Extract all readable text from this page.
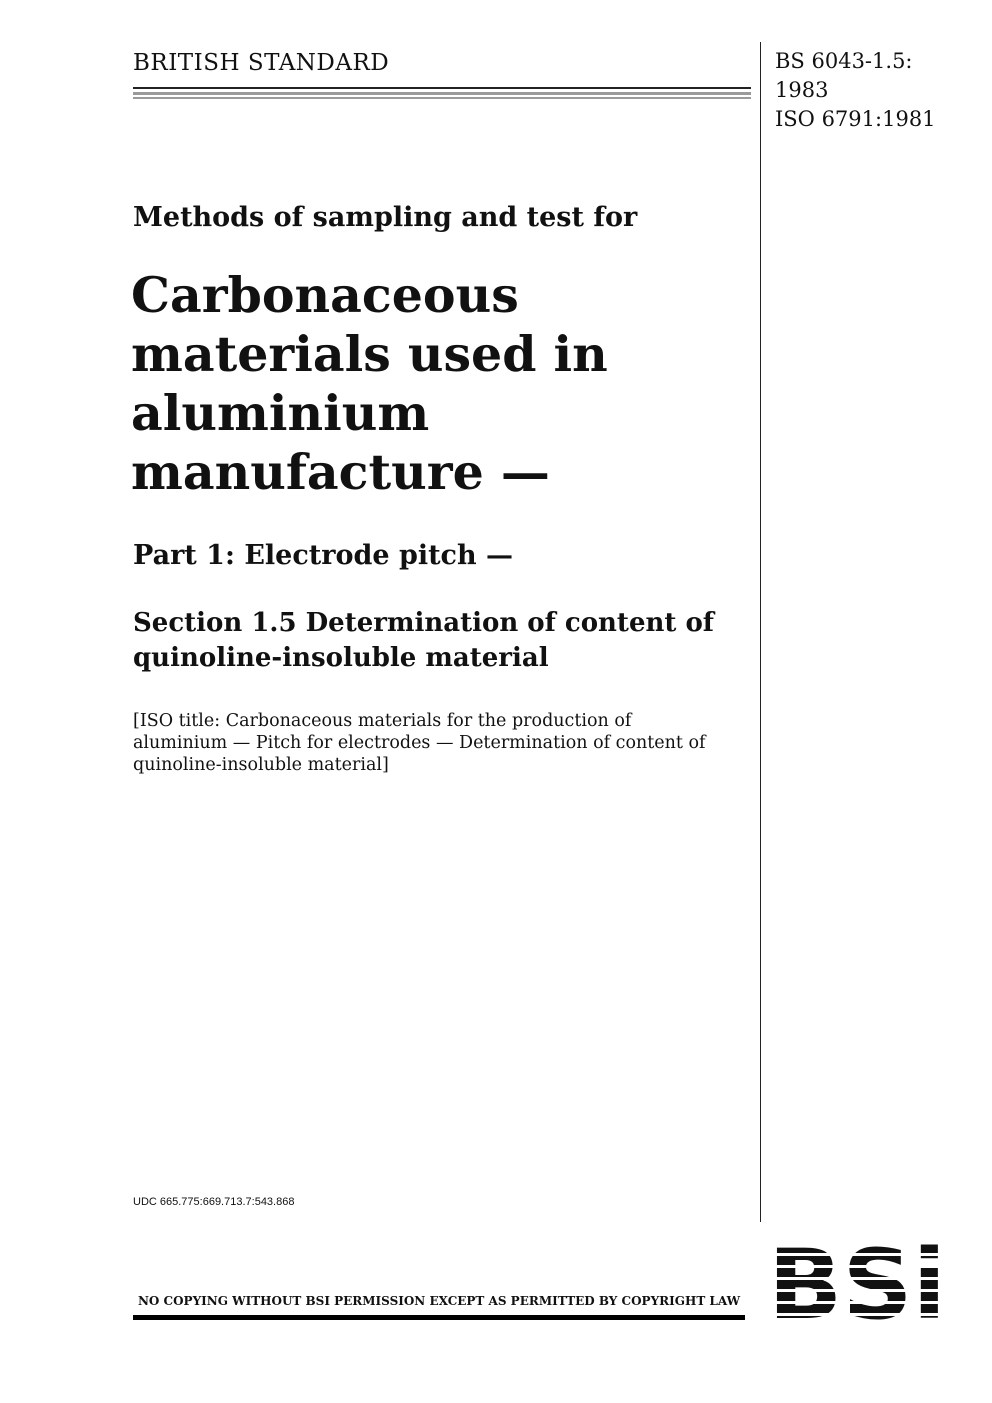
BRITISH STANDARD	BS 6043-1.5:
1983
ISO 6791:1981
Methods of sampling and test for
Carbonaceous
materials used in
aluminium
manufacture —
Part 1: Electrode pitch —
Section 1.5 Determination of content of
quinoline-insoluble material
[ISO title: Carbonaceous materials for the production of
aluminium — Pitch for electrodes — Determination of content of
quinoline-insoluble material]
UDC 665.775:669.713.7:543.868
NO COPYING WITHOUT BSI PERMISSION EXCEPT AS PERMITTED BY COPYRIGHT LAW
